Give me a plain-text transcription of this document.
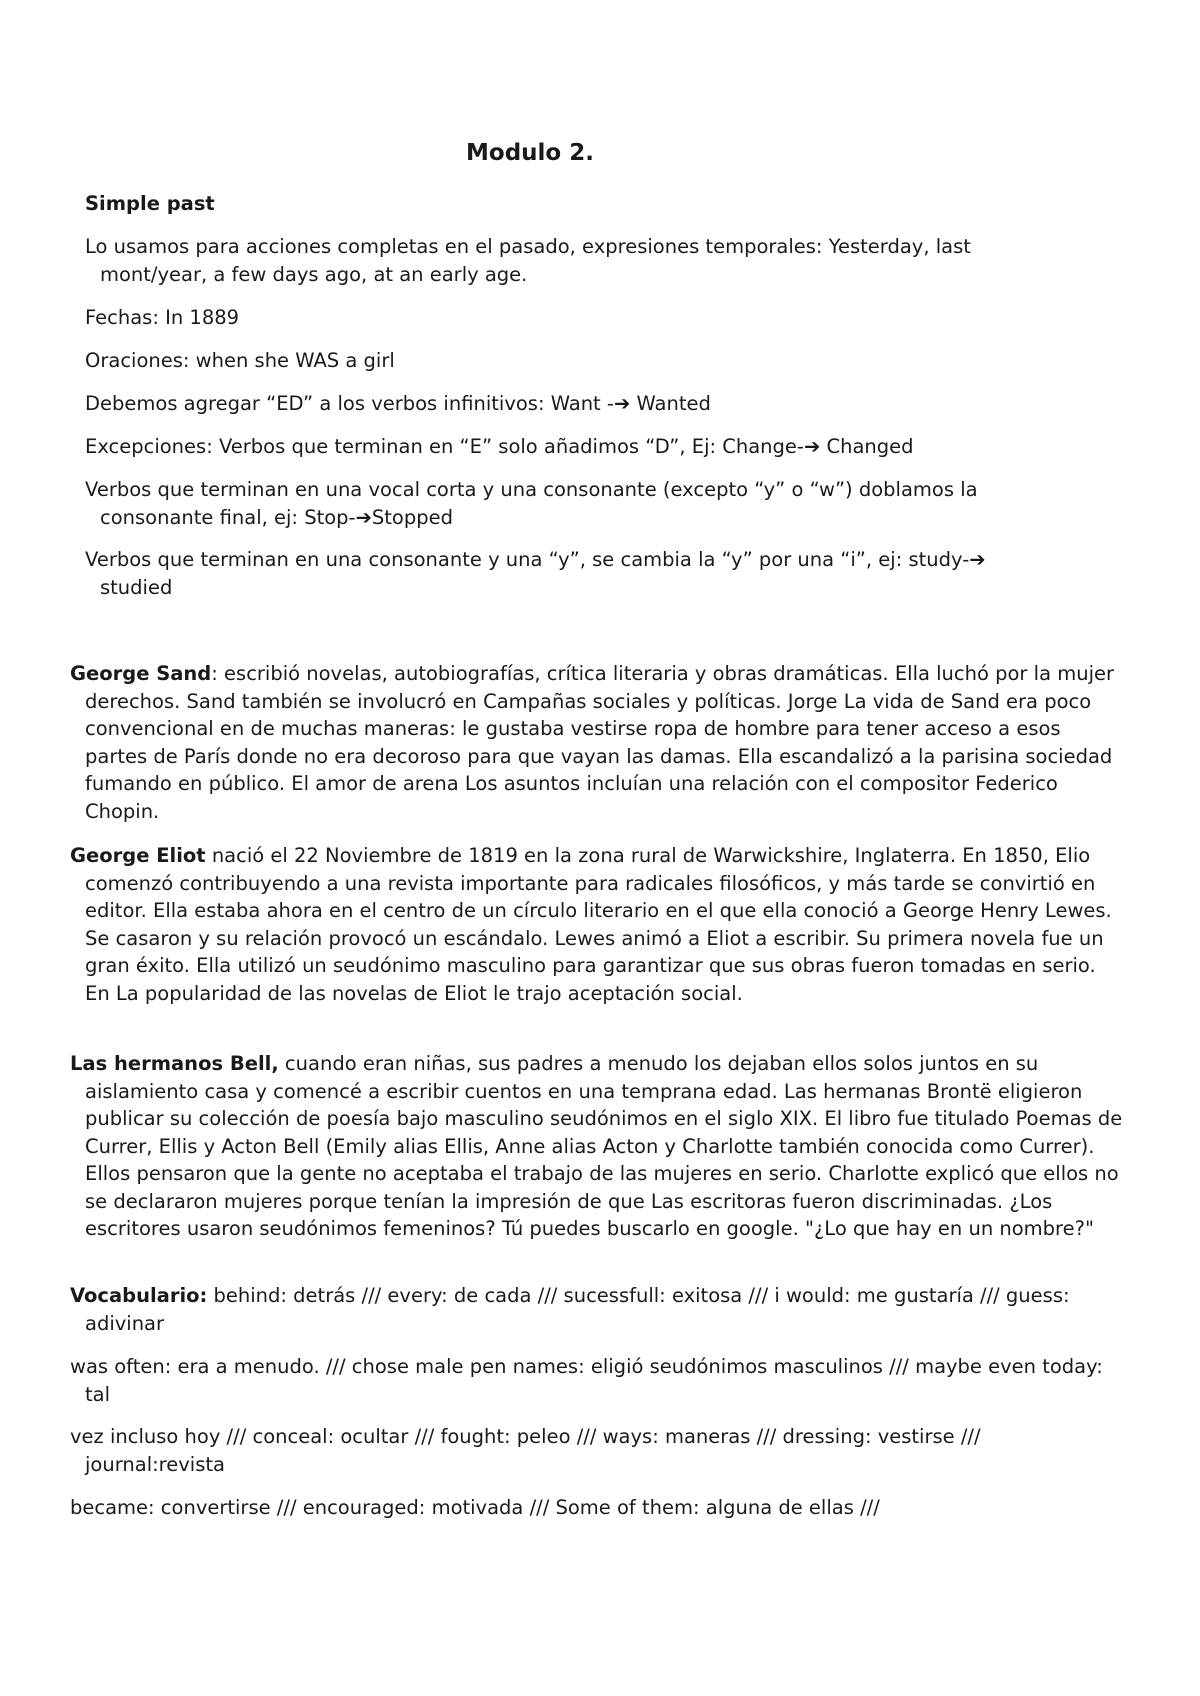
Modulo 2.

Simple past

Lo usamos para acciones completas en el pasado, expresiones temporales: Yesterday, last mont/year, a few days ago, at an early age.

Fechas: In 1889

Oraciones: when she WAS a girl

Debemos agregar “ED” a los verbos infinitivos: Want -➔ Wanted

Excepciones: Verbos que terminan en “E” solo añadimos “D”, Ej: Change-➔ Changed

Verbos que terminan en una vocal corta y una consonante (excepto “y” o “w”) doblamos la consonante final, ej: Stop-➔Stopped

Verbos que terminan en una consonante y una “y”, se cambia la “y” por una “i”, ej: study-➔ studied

George Sand: escribió novelas, autobiografías, crítica literaria y obras dramáticas. Ella luchó por la mujer derechos. Sand también se involucró en Campañas sociales y políticas. Jorge La vida de Sand era poco convencional en de muchas maneras: le gustaba vestirse ropa de hombre para tener acceso a esos partes de París donde no era decoroso para que vayan las damas. Ella escandalizó a la parisina sociedad fumando en público. El amor de arena Los asuntos incluían una relación con el compositor Federico Chopin.

George Eliot nació el 22 Noviembre de 1819 en la zona rural de Warwickshire, Inglaterra. En 1850, Elio comenzó contribuyendo a una revista importante para radicales filosóficos, y más tarde se convirtió en editor. Ella estaba ahora en el centro de un círculo literario en el que ella conoció a George Henry Lewes. Se casaron y su relación provocó un escándalo. Lewes animó a Eliot a escribir. Su primera novela fue un gran éxito. Ella utilizó un seudónimo masculino para garantizar que sus obras fueron tomadas en serio. En La popularidad de las novelas de Eliot le trajo aceptación social.

Las hermanos Bell, cuando eran niñas, sus padres a menudo los dejaban ellos solos juntos en su aislamiento casa y comencé a escribir cuentos en una temprana edad. Las hermanas Brontë eligieron publicar su colección de poesía bajo masculino seudónimos en el siglo XIX. El libro fue titulado Poemas de Currer, Ellis y Acton Bell (Emily alias Ellis, Anne alias Acton y Charlotte también conocida como Currer). Ellos pensaron que la gente no aceptaba el trabajo de las mujeres en serio. Charlotte explicó que ellos no se declararon mujeres porque tenían la impresión de que Las escritoras fueron discriminadas. ¿Los escritores usaron seudónimos femeninos? Tú puedes buscarlo en google. "¿Lo que hay en un nombre?"

Vocabulario: behind: detrás /// every: de cada /// sucessfull: exitosa /// i would: me gustaría /// guess: adivinar

was often: era a menudo. /// chose male pen names: eligió seudónimos masculinos /// maybe even today: tal

vez incluso hoy /// conceal: ocultar /// fought: peleo /// ways: maneras /// dressing: vestirse /// journal:revista

became: convertirse /// encouraged: motivada /// Some of them: alguna de ellas ///
